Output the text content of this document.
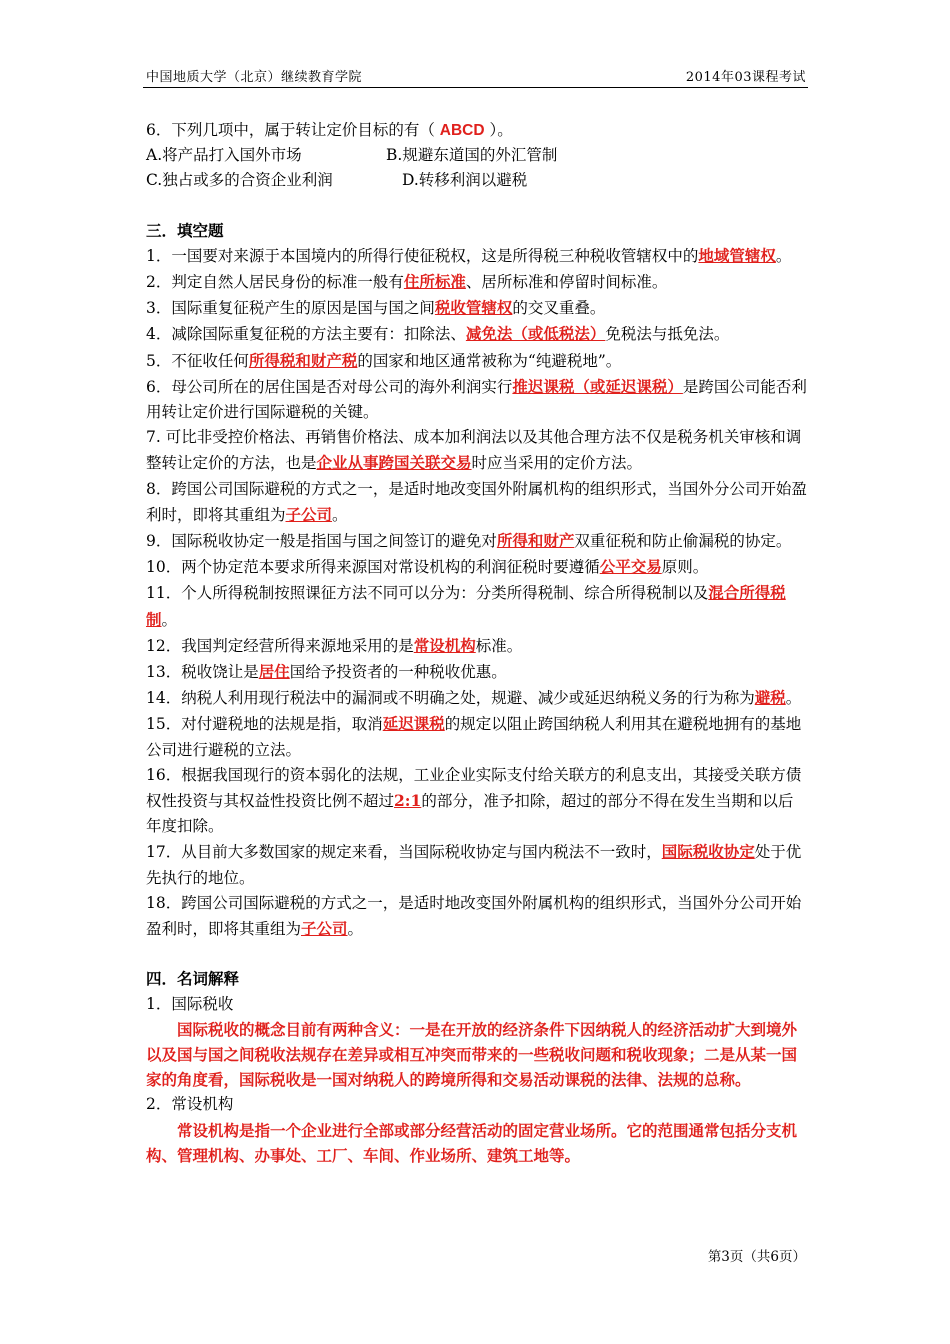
中国地质大学（北京）继续教育学院	2014年03课程考试
6．下列几项中，属于转让定价目标的有（ ABCD ）。
A.将产品打入国外市场	B.规避东道国的外汇管制
C.独占或多的合资企业利润	D.转移利润以避税
三．填空题
1．一国要对来源于本国境内的所得行使征税权，这是所得税三种税收管辖权中的地域管辖权。
2．判定自然人居民身份的标准一般有住所标准、居所标准和停留时间标准。
3．国际重复征税产生的原因是国与国之间税收管辖权的交叉重叠。
4．减除国际重复征税的方法主要有：扣除法、减免法（或低税法）免税法与抵免法。
5．不征收任何所得税和财产税的国家和地区通常被称为“纯避税地”。
6．母公司所在的居住国是否对母公司的海外利润实行推迟课税（或延迟课税）是跨国公司能否利用转让定价进行国际避税的关键。
7. 可比非受控价格法、再销售价格法、成本加利润法以及其他合理方法不仅是税务机关审核和调整转让定价的方法，也是企业从事跨国关联交易时应当采用的定价方法。
8．跨国公司国际避税的方式之一，是适时地改变国外附属机构的组织形式，当国外分公司开始盈利时，即将其重组为子公司。
9．国际税收协定一般是指国与国之间签订的避免对所得和财产双重征税和防止偷漏税的协定。
10．两个协定范本要求所得来源国对常设机构的利润征税时要遵循公平交易原则。
11．个人所得税制按照课征方法不同可以分为：分类所得税制、综合所得税制以及混合所得税制。
12．我国判定经营所得来源地采用的是常设机构标准。
13．税收饶让是居住国给予投资者的一种税收优惠。
14．纳税人利用现行税法中的漏洞或不明确之处，规避、减少或延迟纳税义务的行为称为避税。
15．对付避税地的法规是指，取消延迟课税的规定以阻止跨国纳税人利用其在避税地拥有的基地公司进行避税的立法。
16．根据我国现行的资本弱化的法规，工业企业实际支付给关联方的利息支出，其接受关联方债权性投资与其权益性投资比例不超过2:1的部分，准予扣除，超过的部分不得在发生当期和以后年度扣除。
17．从目前大多数国家的规定来看，当国际税收协定与国内税法不一致时，国际税收协定处于优先执行的地位。
18．跨国公司国际避税的方式之一，是适时地改变国外附属机构的组织形式，当国外分公司开始盈利时，即将其重组为子公司。
四．名词解释
1．国际税收
国际税收的概念目前有两种含义：一是在开放的经济条件下因纳税人的经济活动扩大到境外以及国与国之间税收法规存在差异或相互冲突而带来的一些税收问题和税收现象；二是从某一国家的角度看，国际税收是一国对纳税人的跨境所得和交易活动课税的法律、法规的总称。
2．常设机构
常设机构是指一个企业进行全部或部分经营活动的固定营业场所。它的范围通常包括分支机构、管理机构、办事处、工厂、车间、作业场所、建筑工地等。
第3页（共6页）
